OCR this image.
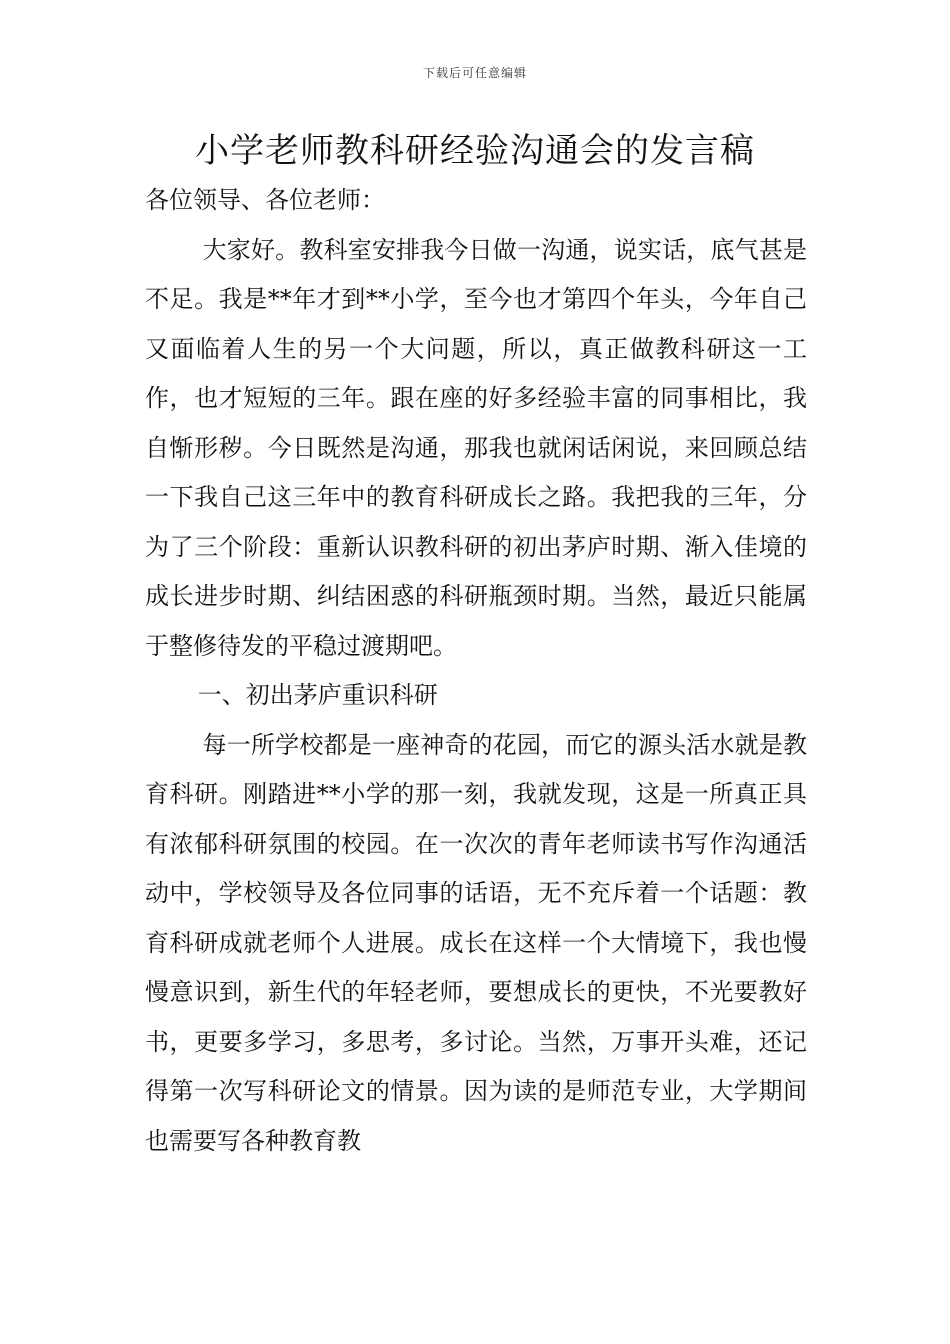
下载后可任意编辑
小学老师教科研经验沟通会的发言稿

各位领导、各位老师：

大家好。教科室安排我今日做一沟通，说实话，底气甚是不足。我是**年才到**小学，至今也才第四个年头，今年自己又面临着人生的另一个大问题，所以，真正做教科研这一工作，也才短短的三年。跟在座的好多经验丰富的同事相比，我自惭形秽。今日既然是沟通，那我也就闲话闲说，来回顾总结一下我自己这三年中的教育科研成长之路。我把我的三年，分为了三个阶段：重新认识教科研的初出茅庐时期、渐入佳境的成长进步时期、纠结困惑的科研瓶颈时期。当然，最近只能属于整修待发的平稳过渡期吧。

一、初出茅庐重识科研

每一所学校都是一座神奇的花园，而它的源头活水就是教育科研。刚踏进**小学的那一刻，我就发现，这是一所真正具有浓郁科研氛围的校园。在一次次的青年老师读书写作沟通活动中，学校领导及各位同事的话语，无不充斥着一个话题：教育科研成就老师个人进展。成长在这样一个大情境下，我也慢慢意识到，新生代的年轻老师，要想成长的更快，不光要教好书，更要多学习，多思考，多讨论。当然，万事开头难，还记得第一次写科研论文的情景。因为读的是师范专业，大学期间也需要写各种教育教
